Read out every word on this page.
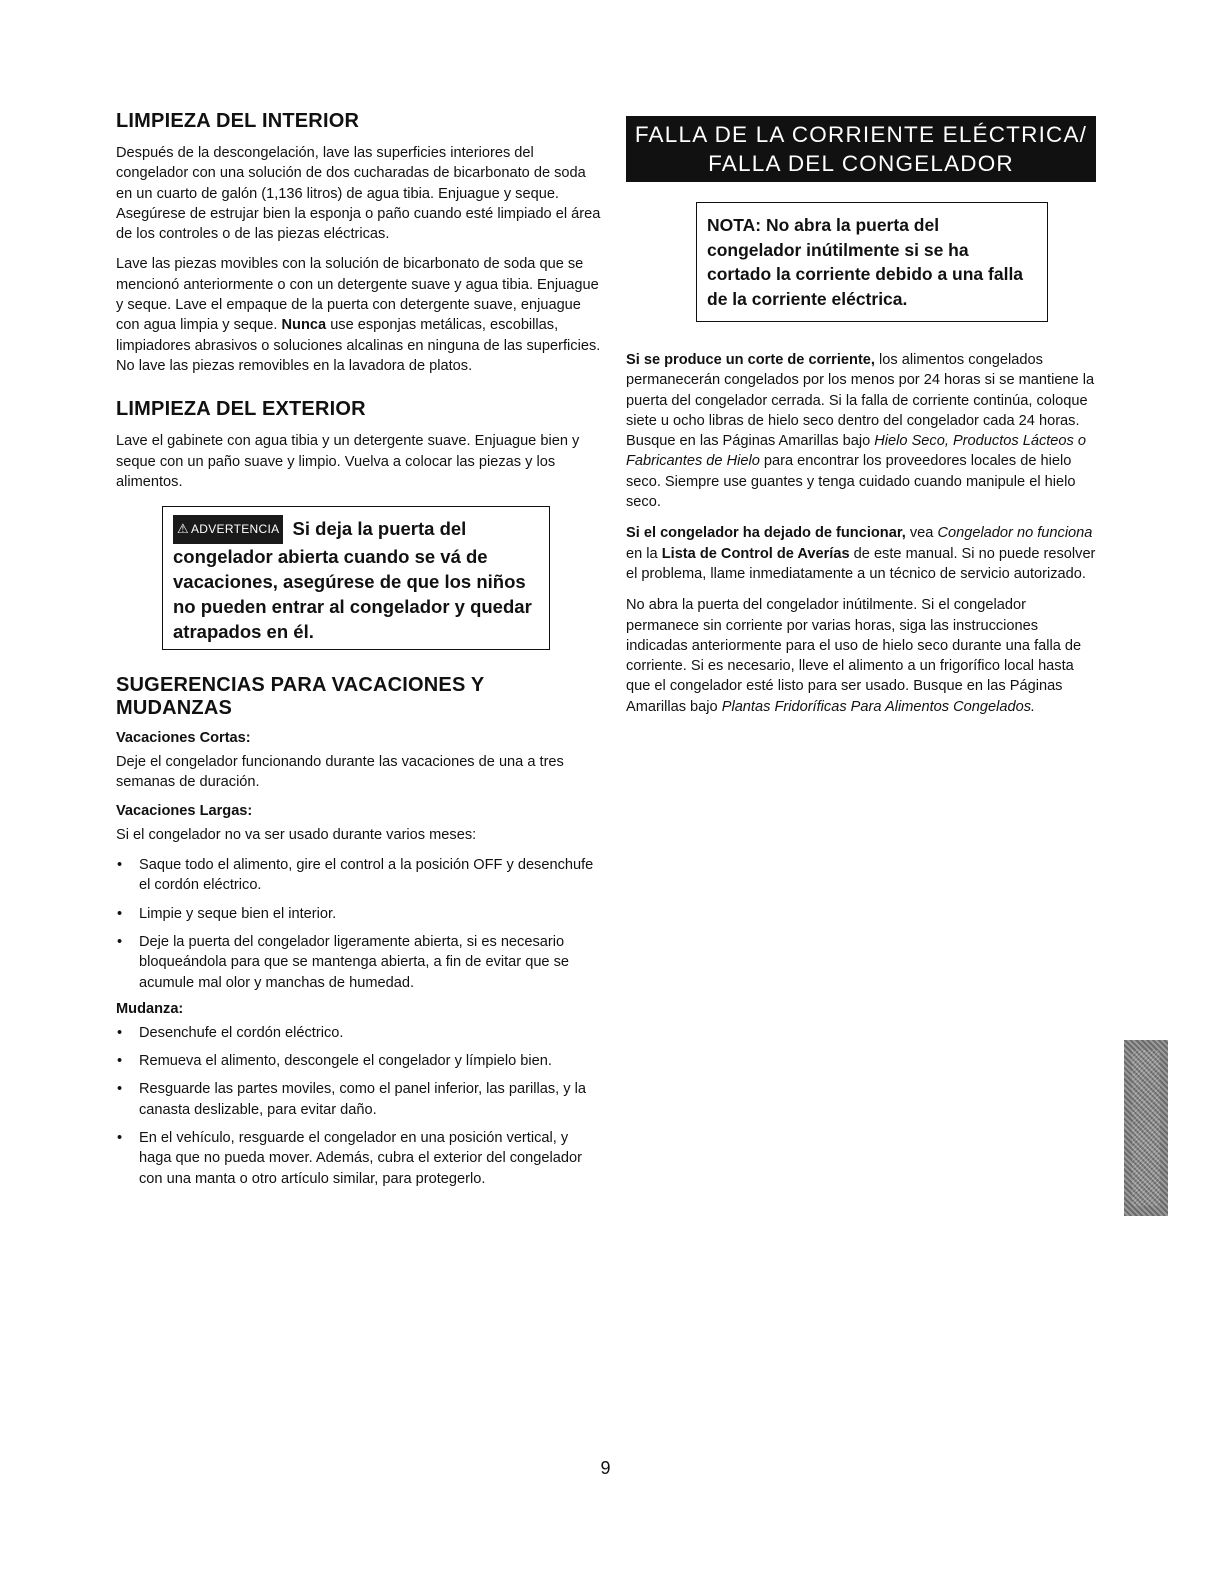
LIMPIEZA DEL INTERIOR

Después de la descongelación, lave las superficies interiores del congelador con una solución de dos cucharadas de bicarbonato de soda en un cuarto de galón (1,136 litros) de agua tibia. Enjuague y seque. Asegúrese de estrujar bien la esponja o paño cuando esté limpiado el área de los controles o de las piezas eléctricas.

Lave las piezas movibles con la solución de bicarbonato de soda que se mencionó anteriormente o con un detergente suave y agua tibia. Enjuague y seque. Lave el empaque de la puerta con detergente suave, enjuague con agua limpia y seque. Nunca use esponjas metálicas, escobillas, limpiadores abrasivos o soluciones alcalinas en ninguna de las superficies. No lave las piezas removibles en la lavadora de platos.

LIMPIEZA DEL EXTERIOR

Lave el gabinete con agua tibia y un detergente suave. Enjuague bien y seque con un paño suave y limpio. Vuelva a colocar las piezas y los alimentos.

⚠ ADVERTENCIA Si deja la puerta del congelador abierta cuando se vá de vacaciones, asegúrese de que los niños no pueden entrar al congelador y quedar atrapados en él.
SUGERENCIAS PARA VACACIONES Y MUDANZAS
Vacaciones Cortas:

Deje el congelador funcionando durante las vacaciones de una a tres semanas de duración.

Vacaciones Largas:

Si el congelador no va ser usado durante varios meses:

• Saque todo el alimento, gire el control a la posición OFF y desenchufe el cordón eléctrico.
• Limpie y seque bien el interior.
• Deje la puerta del congelador ligeramente abierta, si es necesario bloqueándola para que se mantenga abierta, a fin de evitar que se acumule mal olor y manchas de humedad.
Mudanza:
• Desenchufe el cordón eléctrico.
• Remueva el alimento, descongele el congelador y límpielo bien.
• Resguarde las partes moviles, como el panel inferior, las parillas, y la canasta deslizable, para evitar daño.
• En el vehículo, resguarde el congelador en una posición vertical, y haga que no pueda mover. Además, cubra el exterior del congelador con una manta o otro artículo similar, para protegerlo.
FALLA DE LA CORRIENTE ELÉCTRICA/
FALLA DEL CONGELADOR
NOTA: No abra la puerta del congelador inútilmente si se ha cortado la corriente debido a una falla de la corriente eléctrica.

Si se produce un corte de corriente, los alimentos congelados permanecerán congelados por los menos por 24 horas si se mantiene la puerta del congelador cerrada. Si la falla de corriente continúa, coloque siete u ocho libras de hielo seco dentro del congelador cada 24 horas. Busque en las Páginas Amarillas bajo Hielo Seco, Productos Lácteos o Fabricantes de Hielo para encontrar los proveedores locales de hielo seco. Siempre use guantes y tenga cuidado cuando manipule el hielo seco.

Si el congelador ha dejado de funcionar, vea Congelador no funciona en la Lista de Control de Averías de este manual. Si no puede resolver el problema, llame inmediatamente a un técnico de servicio autorizado.

No abra la puerta del congelador inútilmente. Si el congelador permanece sin corriente por varias horas, siga las instrucciones indicadas anteriormente para el uso de hielo seco durante una falla de corriente. Si es necesario, lleve el alimento a un frigorífico local hasta que el congelador esté listo para ser usado. Busque en las Páginas Amarillas bajo Plantas Fridoríficas Para Alimentos Congelados.

9
